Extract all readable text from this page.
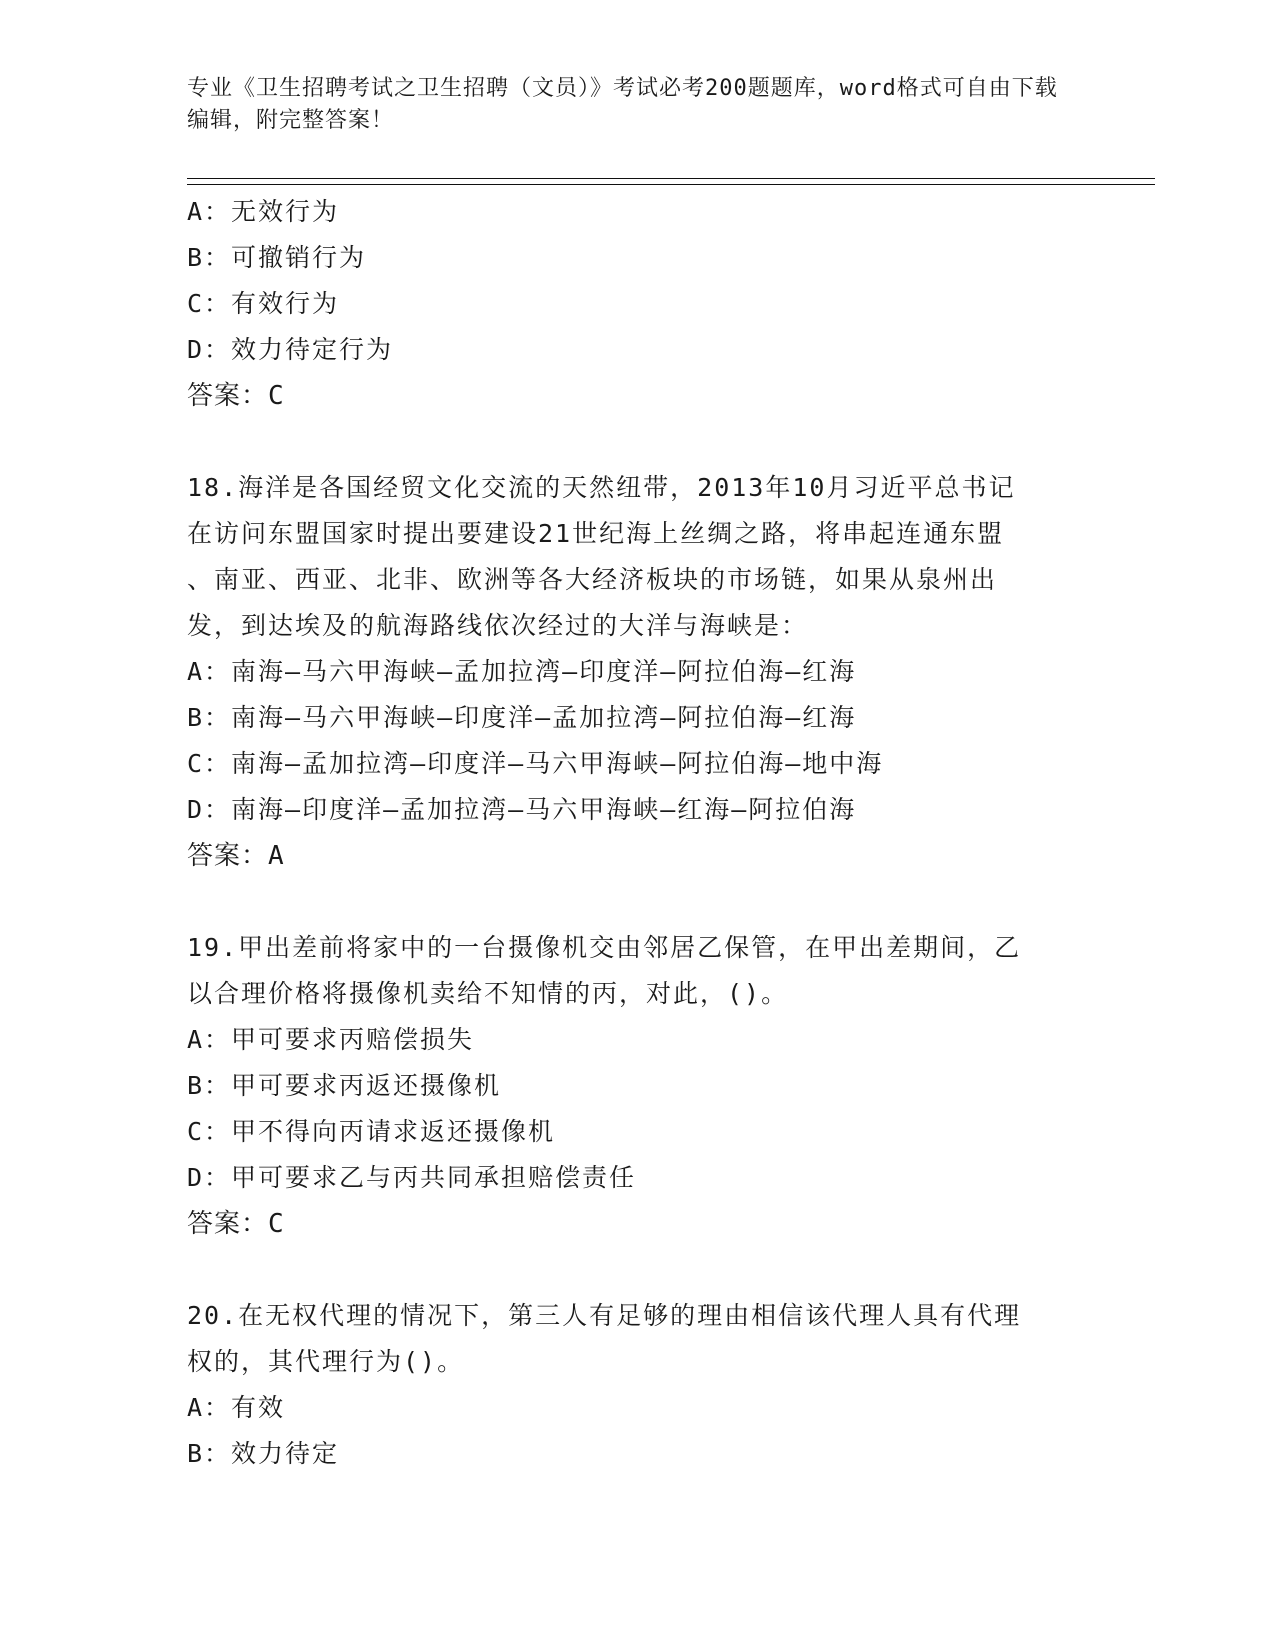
专业《卫生招聘考试之卫生招聘（文员）》考试必考200题题库，word格式可自由下载编辑，附完整答案！
A：无效行为
B：可撤销行为
C：有效行为
D：效力待定行为
答案：C
18.海洋是各国经贸文化交流的天然纽带，2013年10月习近平总书记
在访问东盟国家时提出要建设21世纪海上丝绸之路，将串起连通东盟
、南亚、西亚、北非、欧洲等各大经济板块的市场链，如果从泉州出
发，到达埃及的航海路线依次经过的大洋与海峡是：
A：南海—马六甲海峡—孟加拉湾—印度洋—阿拉伯海—红海
B：南海—马六甲海峡—印度洋—孟加拉湾—阿拉伯海—红海
C：南海—孟加拉湾—印度洋—马六甲海峡—阿拉伯海—地中海
D：南海—印度洋—孟加拉湾—马六甲海峡—红海—阿拉伯海
答案：A
19.甲出差前将家中的一台摄像机交由邻居乙保管，在甲出差期间，乙
以合理价格将摄像机卖给不知情的丙，对此，()。
A：甲可要求丙赔偿损失
B：甲可要求丙返还摄像机
C：甲不得向丙请求返还摄像机
D：甲可要求乙与丙共同承担赔偿责任
答案：C
20.在无权代理的情况下，第三人有足够的理由相信该代理人具有代理
权的，其代理行为()。
A：有效
B：效力待定
